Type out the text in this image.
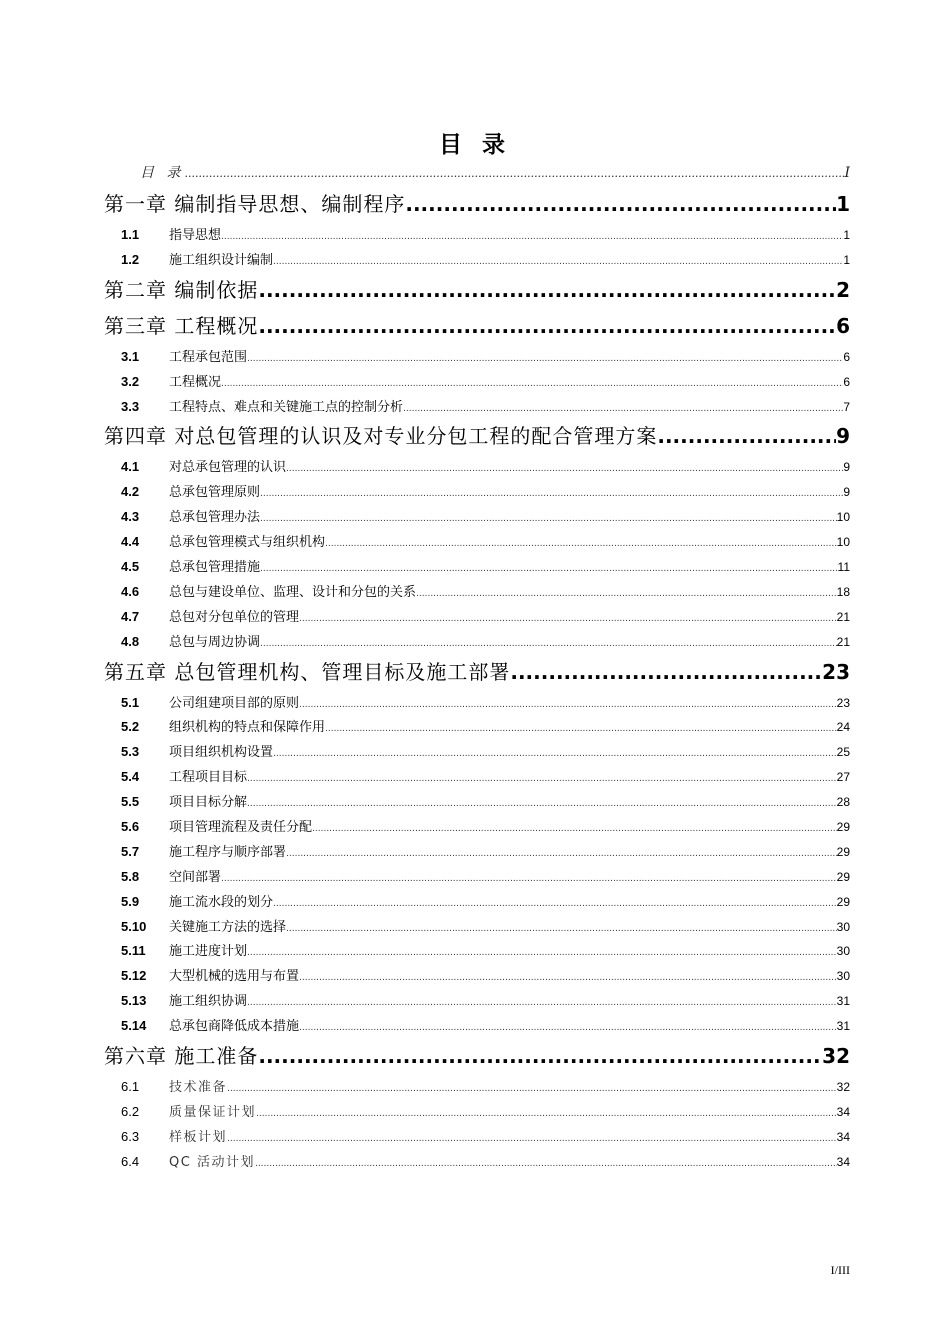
目 录
目 录 .....	I
第一章 编制指导思想、编制程序 .....	1
1.1	指导思想 .....	1
1.2	施工组织设计编制 .....	1
第二章 编制依据 .....	2
第三章 工程概况 .....	6
3.1	工程承包范围 .....	6
3.2	工程概况 .....	6
3.3	工程特点、难点和关键施工点的控制分析 .....	7
第四章 对总包管理的认识及对专业分包工程的配合管理方案 .....	9
4.1	对总承包管理的认识 .....	9
4.2	总承包管理原则 .....	9
4.3	总承包管理办法 .....	10
4.4	总承包管理模式与组织机构 .....	10
4.5	总承包管理措施 .....	11
4.6	总包与建设单位、监理、设计和分包的关系 .....	18
4.7	总包对分包单位的管理 .....	21
4.8	总包与周边协调 .....	21
第五章 总包管理机构、管理目标及施工部署 .....	23
5.1	公司组建项目部的原则 .....	23
5.2	组织机构的特点和保障作用 .....	24
5.3	项目组织机构设置 .....	25
5.4	工程项目目标 .....	27
5.5	项目目标分解 .....	28
5.6	项目管理流程及责任分配 .....	29
5.7	施工程序与顺序部署 .....	29
5.8	空间部署 .....	29
5.9	施工流水段的划分 .....	29
5.10	关键施工方法的选择 .....	30
5.11	施工进度计划 .....	30
5.12	大型机械的选用与布置 .....	30
5.13	施工组织协调 .....	31
5.14	总承包商降低成本措施 .....	31
第六章 施工准备 .....	32
6.1	技术准备 .....	32
6.2	质量保证计划 .....	34
6.3	样板计划 .....	34
6.4	QC 活动计划 .....	34
I/III
